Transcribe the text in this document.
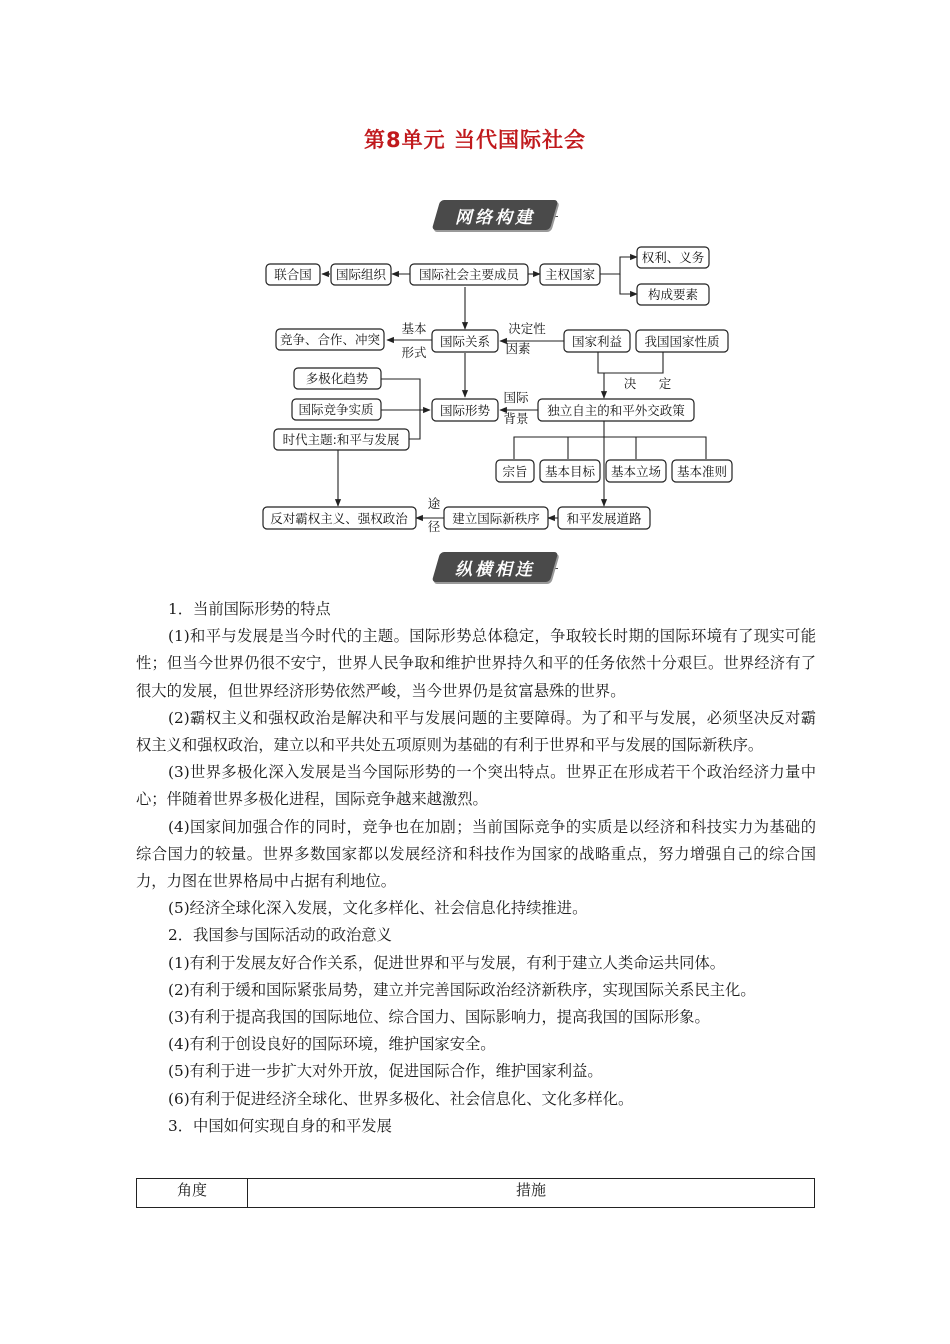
第8单元 当代国际社会
网络构建
联合国 国际组织	国际社会主要成员 主权国家
权利、义务
构成要素
竞争、合作、冲突	国际关系	国家利益 我国国家性质
多极化趋势
国际竞争实质
时代主题:和平与发展
国际形势	独立自主的和平外交政策
宗旨 基本目标 基本立场 基本准则
反对霸权主义、强权政治	建立国际新秩序 和平发展道路
基本
形式
决定性
因素
决 定
国际
背景
途
径
纵横相连

1．当前国际形势的特点

(1)和平与发展是当今时代的主题。国际形势总体稳定，争取较长时期的国际环境有了现实可能性；但当今世界仍很不安宁，世界人民争取和维护世界持久和平的任务依然十分艰巨。世界经济有了很大的发展，但世界经济形势依然严峻，当今世界仍是贫富悬殊的世界。

(2)霸权主义和强权政治是解决和平与发展问题的主要障碍。为了和平与发展，必须坚决反对霸权主义和强权政治，建立以和平共处五项原则为基础的有利于世界和平与发展的国际新秩序。

(3)世界多极化深入发展是当今国际形势的一个突出特点。世界正在形成若干个政治经济力量中心；伴随着世界多极化进程，国际竞争越来越激烈。

(4)国家间加强合作的同时，竞争也在加剧；当前国际竞争的实质是以经济和科技实力为基础的综合国力的较量。世界多数国家都以发展经济和科技作为国家的战略重点，努力增强自己的综合国力，力图在世界格局中占据有利地位。

(5)经济全球化深入发展，文化多样化、社会信息化持续推进。

2．我国参与国际活动的政治意义

(1)有利于发展友好合作关系，促进世界和平与发展，有利于建立人类命运共同体。

(2)有利于缓和国际紧张局势，建立并完善国际政治经济新秩序，实现国际关系民主化。

(3)有利于提高我国的国际地位、综合国力、国际影响力，提高我国的国际形象。

(4)有利于创设良好的国际环境，维护国家安全。

(5)有利于进一步扩大对外开放，促进国际合作，维护国家利益。

(6)有利于促进经济全球化、世界多极化、社会信息化、文化多样化。

3．中国如何实现自身的和平发展

角度	措施
